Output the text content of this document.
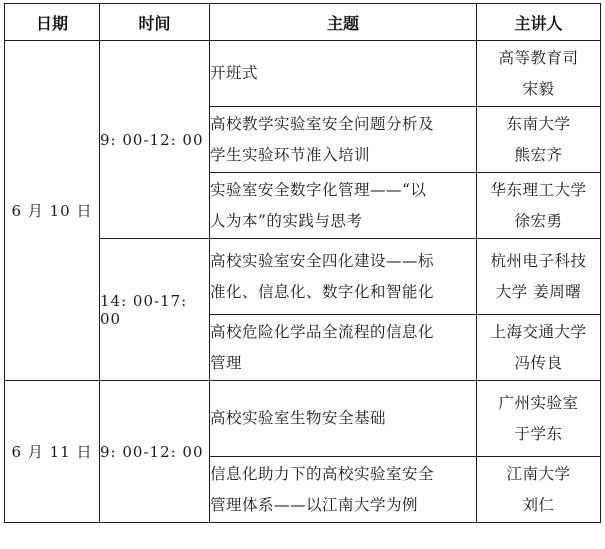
日期	时间	主题	主讲人
6 月 10 日	9: 00-12: 00	开班式	高等教育司
宋毅

		高校教学实验室安全问题分析及
学生实验环节准入培训	东南大学
熊宏齐

		实验室安全数字化管理——“以
人为本”的实践与思考	华东理工大学
徐宏勇

	14: 00-17: 00	高校实验室安全四化建设——标
准化、信息化、数字化和智能化	杭州电子科技
大学 姜周曙

		高校危险化学品全流程的信息化
管理	上海交通大学
冯传良

6 月 11 日	9: 00-12: 00	高校实验室生物安全基础	广州实验室
于学东

		信息化助力下的高校实验室安全
管理体系——以江南大学为例	江南大学
刘仁
